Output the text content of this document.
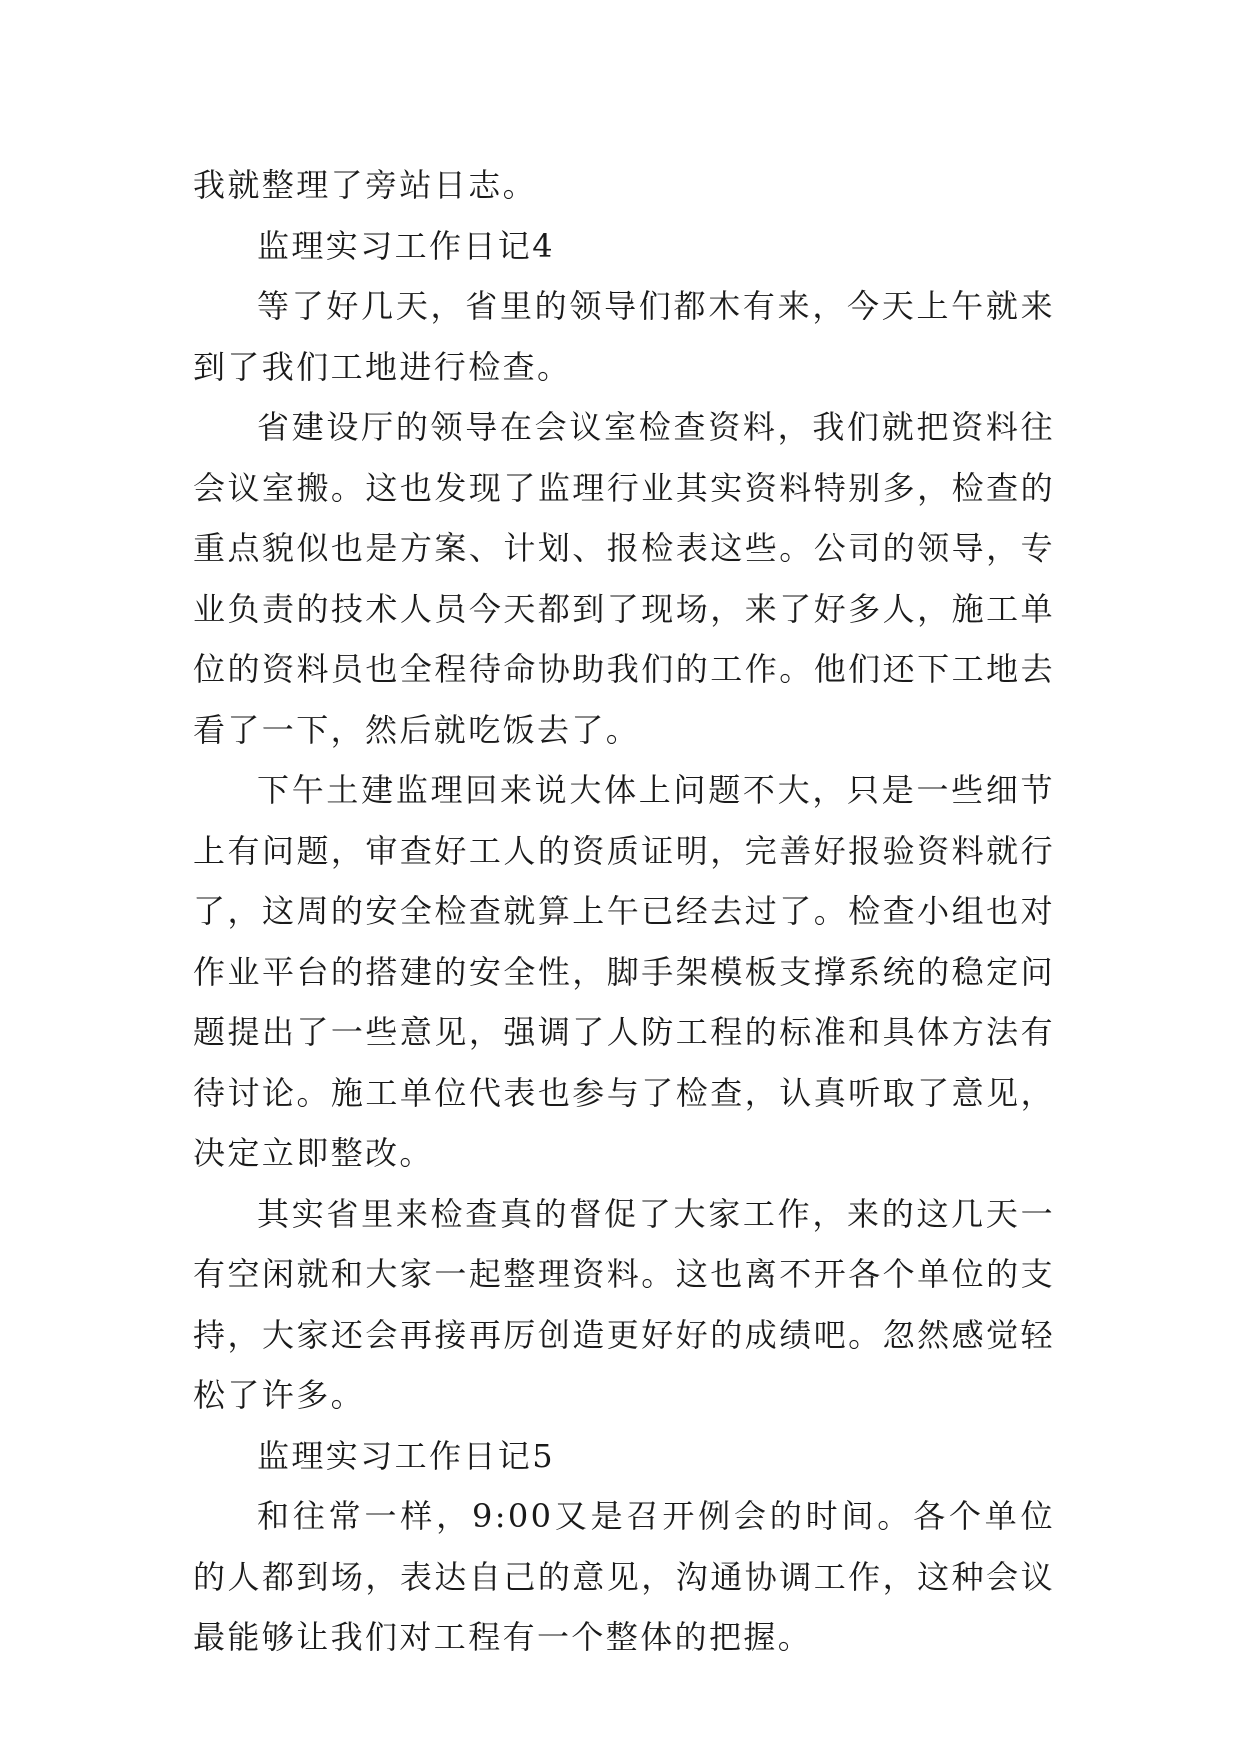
我就整理了旁站日志。

监理实习工作日记4

等了好几天，省里的领导们都木有来，今天上午就来到了我们工地进行检查。

省建设厅的领导在会议室检查资料，我们就把资料往会议室搬。这也发现了监理行业其实资料特别多，检查的重点貌似也是方案、计划、报检表这些。公司的领导，专业负责的技术人员今天都到了现场，来了好多人，施工单位的资料员也全程待命协助我们的工作。他们还下工地去看了一下，然后就吃饭去了。

下午土建监理回来说大体上问题不大，只是一些细节上有问题，审查好工人的资质证明，完善好报验资料就行了，这周的安全检查就算上午已经去过了。检查小组也对作业平台的搭建的安全性，脚手架模板支撑系统的稳定问题提出了一些意见，强调了人防工程的标准和具体方法有待讨论。施工单位代表也参与了检查，认真听取了意见，决定立即整改。

其实省里来检查真的督促了大家工作，来的这几天一有空闲就和大家一起整理资料。这也离不开各个单位的支持，大家还会再接再厉创造更好好的成绩吧。忽然感觉轻松了许多。

监理实习工作日记5

和往常一样，9:00又是召开例会的时间。各个单位的人都到场，表达自己的意见，沟通协调工作，这种会议最能够让我们对工程有一个整体的把握。
